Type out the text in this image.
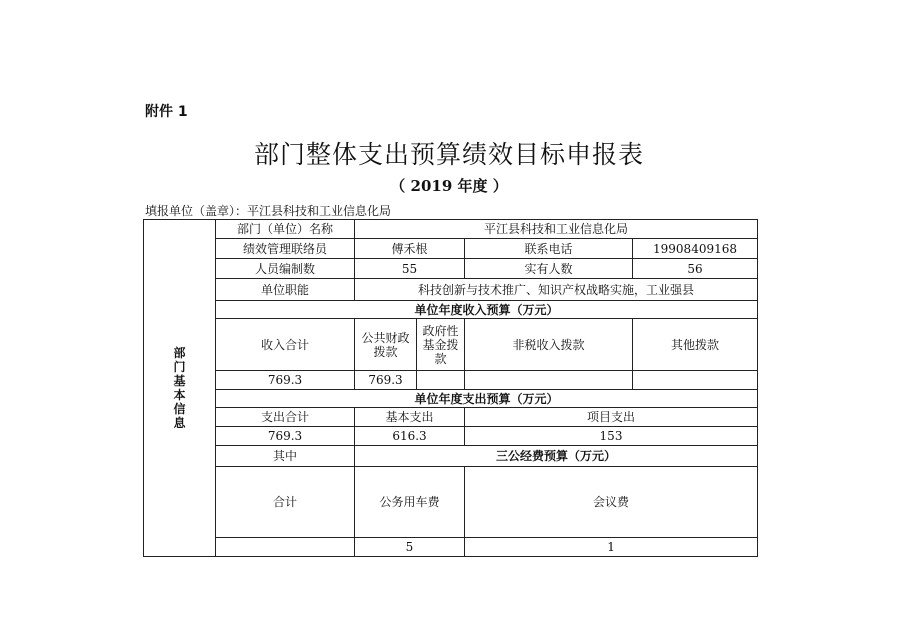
附件 1
部门整体支出预算绩效目标申报表
（ 2019 年度 ）
填报单位（盖章）：平江县科技和工业信息化局
部门基本信息	部门（单位）名称	平江县科技和工业信息化局				
	绩效管理联络员	傅禾根		联系电话	19908409168	
	人员编制数	55		实有人数	56	
	单位职能	科技创新与技术推广、知识产权战略实施，工业强县				
	单位年度收入预算（万元）					
	收入合计	公共财政拨款	政府性基金拨款	非税收入拨款	其他拨款	
	769.3	769.3				
	单位年度支出预算（万元）					
	支出合计	基本支出		项目支出		
	769.3	616.3		153		
	其中	三公经费预算（万元）				
	合计	公务用车费		会议费	
		5		1	
